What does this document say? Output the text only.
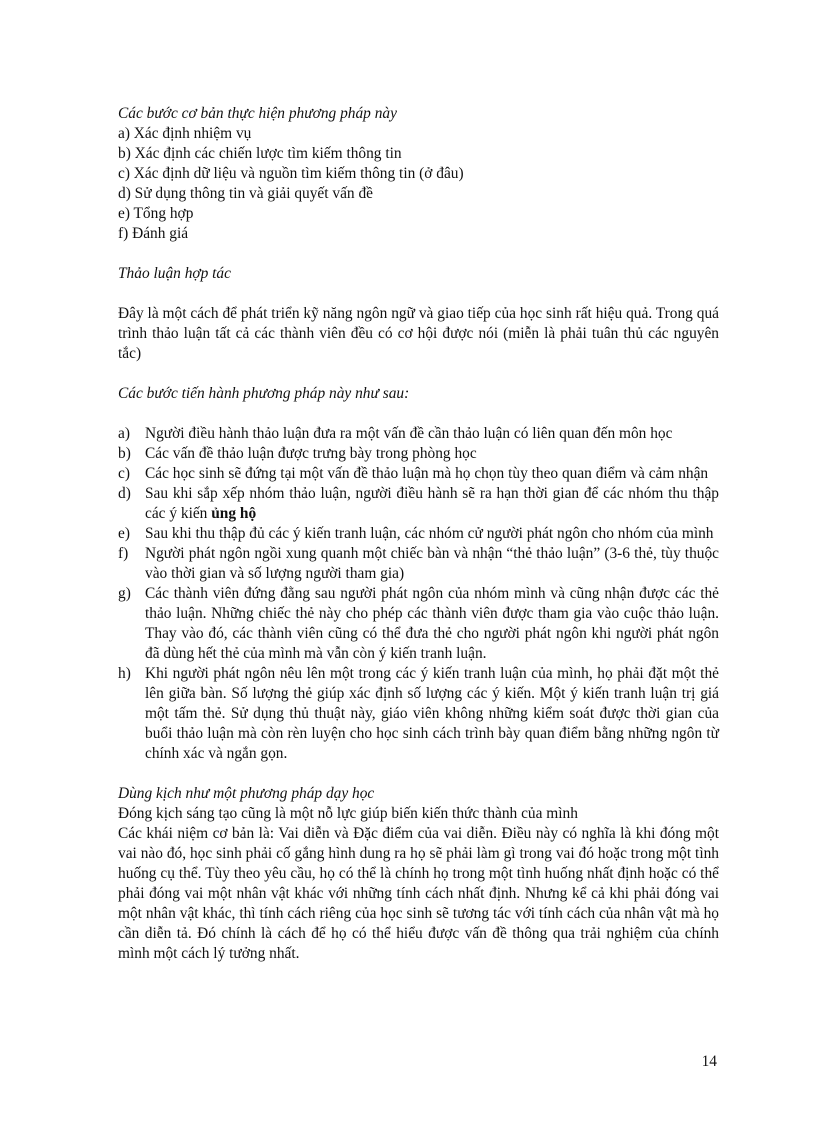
Các bước cơ bản thực hiện phương pháp này

a) Xác định nhiệm vụ

b) Xác định các chiến lược tìm kiếm thông tin

c) Xác định dữ liệu và nguồn tìm kiếm thông tin (ở đâu)

d) Sử dụng thông tin và giải quyết vấn đề

e) Tổng hợp

f) Đánh giá

Thảo luận hợp tác

Đây là một cách để phát triển kỹ năng ngôn ngữ và giao tiếp của học sinh rất hiệu quả. Trong quá trình thảo luận tất cả các thành viên đều có cơ hội được nói (miễn là phải tuân thủ các nguyên tắc)

Các bước tiến hành phương pháp này như sau:

a) Người điều hành thảo luận đưa ra một vấn đề cần thảo luận có liên quan đến môn học
b) Các vấn đề thảo luận được trưng bày trong phòng học
c) Các học sinh sẽ đứng tại một vấn đề thảo luận mà họ chọn tùy theo quan điểm và cảm nhận
d) Sau khi sắp xếp nhóm thảo luận, người điều hành sẽ ra hạn thời gian để các nhóm thu thập các ý kiến ủng hộ
e) Sau khi thu thập đủ các ý kiến tranh luận, các nhóm cử người phát ngôn cho nhóm của mình
f) Người phát ngôn ngồi xung quanh một chiếc bàn và nhận “thẻ thảo luận” (3-6 thẻ, tùy thuộc vào thời gian và số lượng người tham gia)
g) Các thành viên đứng đằng sau người phát ngôn của nhóm mình và cũng nhận được các thẻ thảo luận. Những chiếc thẻ này cho phép các thành viên được tham gia vào cuộc thảo luận. Thay vào đó, các thành viên cũng có thể đưa thẻ cho người phát ngôn khi người phát ngôn đã dùng hết thẻ của mình mà vẫn còn ý kiến tranh luận.
h) Khi người phát ngôn nêu lên một trong các ý kiến tranh luận của mình, họ phải đặt một thẻ lên giữa bàn. Số lượng thẻ giúp xác định số lượng các ý kiến. Một ý kiến tranh luận trị giá một tấm thẻ. Sử dụng thủ thuật này, giáo viên không những kiểm soát được thời gian của buổi thảo luận mà còn rèn luyện cho học sinh cách trình bày quan điểm bằng những ngôn từ chính xác và ngắn gọn.

Dùng kịch như một phương pháp dạy học

Đóng kịch sáng tạo cũng là một nỗ lực giúp biến kiến thức thành của mình

Các khái niệm cơ bản là: Vai diễn và Đặc điểm của vai diễn. Điều này có nghĩa là khi đóng một vai nào đó, học sinh phải cố gắng hình dung ra họ sẽ phải làm gì trong vai đó hoặc trong một tình huống cụ thể. Tùy theo yêu cầu, họ có thể là chính họ trong một tình huống nhất định hoặc có thể phải đóng vai một nhân vật khác với những tính cách nhất định. Nhưng kể cả khi phải đóng vai một nhân vật khác, thì tính cách riêng của học sinh sẽ tương tác với tính cách của nhân vật mà họ cần diễn tả. Đó chính là cách để họ có thể hiểu được vấn đề thông qua trải nghiệm của chính mình một cách lý tưởng nhất.

14
